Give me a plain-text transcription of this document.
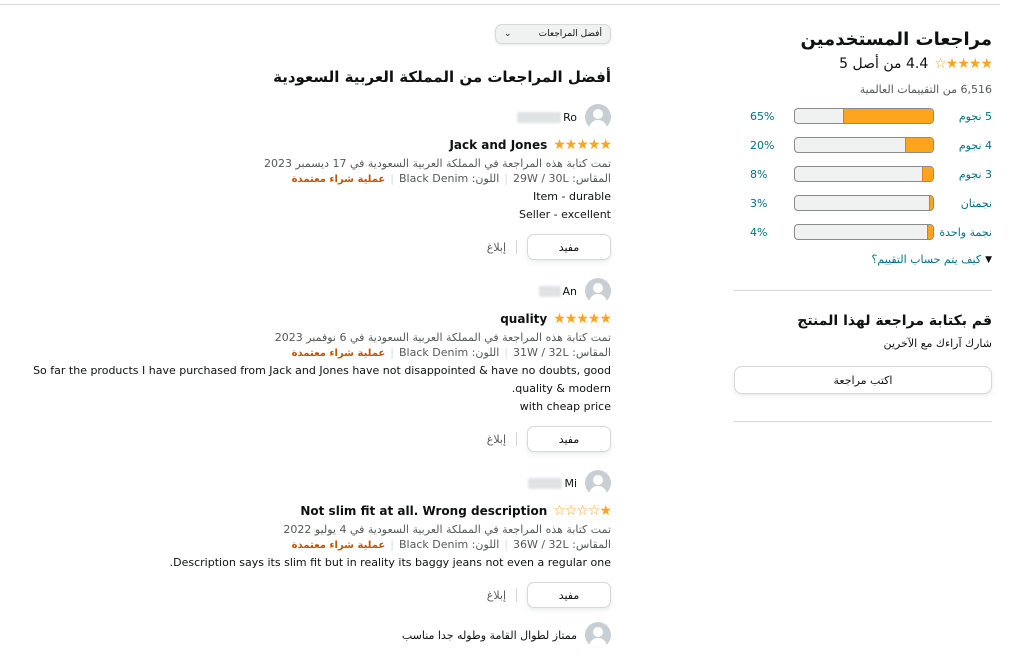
مراجعات المستخدمين
★★★★☆
4.4 من أصل 5
6,516 من التقييمات العالمية
5 نجوم
65%
4 نجوم
20%
3 نجوم
8%
نجمتان
3%
نجمة واحدة
4%
▼
كيف يتم حساب التقييم؟
قم بكتابة مراجعة لهذا المنتج

شارك آراءك مع الآخرين

اكتب مراجعة
أفضل المراجعات
⌄
أفضل المراجعات من المملكة العربية السعودية
Ro
★★★★★
Jack and Jones
تمت كتابة هذه المراجعة في المملكة العربية السعودية في 17 ديسمبر 2023
المقاس: 29W / 30L|اللون: Black Denim|عملية شراء معتمدة
Item - durable
Seller - excellent
مفيد
إبلاغ
An
★★★★★
quality
تمت كتابة هذه المراجعة في المملكة العربية السعودية في 6 نوفمبر 2023
المقاس: 31W / 32L|اللون: Black Denim|عملية شراء معتمدة
So far the products I have purchased from Jack and Jones have not disappointed & have no doubts, good
quality & modern.
with cheap price
مفيد
إبلاغ
Mi
★☆☆☆☆
Not slim fit at all. Wrong description
تمت كتابة هذه المراجعة في المملكة العربية السعودية في 4 يوليو 2022
المقاس: 36W / 32L|اللون: Black Denim|عملية شراء معتمدة
Description says its slim fit but in reality its baggy jeans not even a regular one.
مفيد
إبلاغ
ممتاز لطوال القامة وطوله جدا مناسب
